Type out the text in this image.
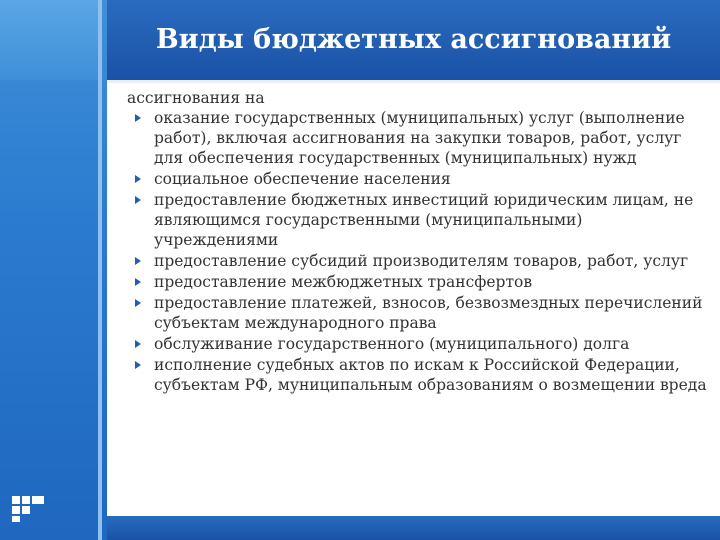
Виды бюджетных ассигнований

ассигнования на

оказание государственных (муниципальных) услуг (выполнение работ), включая ассигнования на закупки товаров, работ, услуг для обеспечения государственных (муниципальных) нужд
социальное обеспечение населения
предоставление бюджетных инвестиций юридическим лицам, не являющимся государственными (муниципальными) учреждениями
предоставление субсидий производителям товаров, работ, услуг
предоставление межбюджетных трансфертов
предоставление платежей, взносов, безвозмездных перечислений субъектам международного права
обслуживание государственного (муниципального) долга
исполнение судебных актов по искам к Российской Федерации, субъектам РФ, муниципальным образованиям о возмещении вреда
